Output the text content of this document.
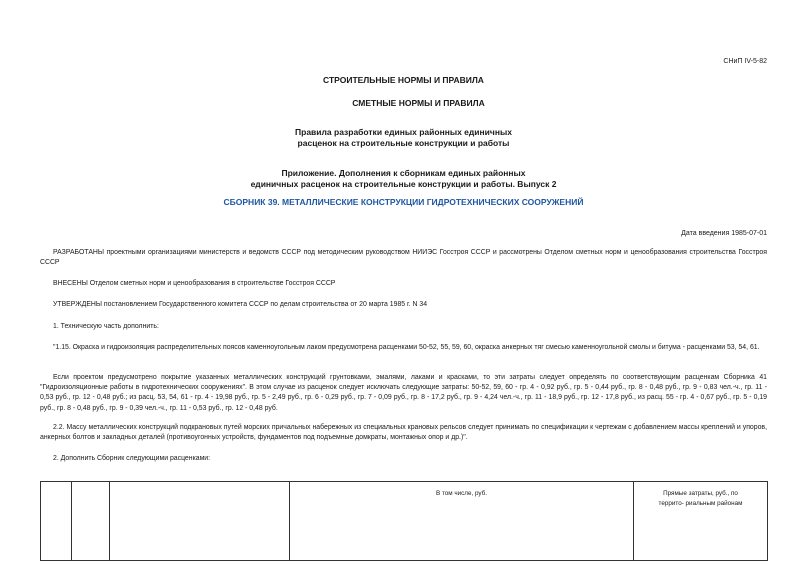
СНиП IV-5-82
СТРОИТЕЛЬНЫЕ НОРМЫ И ПРАВИЛА
СМЕТНЫЕ НОРМЫ И ПРАВИЛА
Правила разработки единых районных единичных
расценок на строительные конструкции и работы
Приложение. Дополнения к сборникам единых районных
единичных расценок на строительные конструкции и работы. Выпуск 2
СБОРНИК 39. МЕТАЛЛИЧЕСКИЕ КОНСТРУКЦИИ ГИДРОТЕХНИЧЕСКИХ СООРУЖЕНИЙ
Дата введения 1985-07-01
РАЗРАБОТАНЫ проектными организациями министерств и ведомств СССР под методическим руководством НИИЭС Госстроя СССР и рассмотрены Отделом сметных норм и ценообразования строительства Госстроя СССР
ВНЕСЕНЫ Отделом сметных норм и ценообразования в строительстве Госстроя СССР
УТВЕРЖДЕНЫ постановлением Государственного комитета СССР по делам строительства от 20 марта 1985 г. N 34
1. Техническую часть дополнить:
"1.15. Окраска и гидроизоляция распределительных поясов каменноугольным лаком предусмотрена расценками 50-52, 55, 59, 60, окраска анкерных тяг смесью каменноугольной смолы и битума - расценками 53, 54, 61.
Если проектом предусмотрено покрытие указанных металлических конструкций грунтовками, эмалями, лаками и красками, то эти затраты следует определять по соответствующим расценкам Сборника 41 "Гидроизоляционные работы в гидротехнических сооружениях". В этом случае из расценок следует исключать следующие затраты: 50-52, 59, 60 - гр. 4 - 0,92 руб., гр. 5 - 0,44 руб., гр. 8 - 0,48 руб., гр. 9 - 0,83 чел.-ч., гр. 11 - 0,53 руб., гр. 12 - 0,48 руб.; из расц. 53, 54, 61 - гр. 4 - 19,98 руб., гр. 5 - 2,49 руб., гр. 6 - 0,29 руб., гр. 7 - 0,09 руб., гр. 8 - 17,2 руб., гр. 9 - 4,24 чел.-ч., гр. 11 - 18,9 руб., гр. 12 - 17,8 руб., из расц. 55 - гр. 4 - 0,67 руб., гр. 5 - 0,19 руб., гр. 8 - 0,48 руб., гр. 9 - 0,39 чел.-ч., гр. 11 - 0,53 руб., гр. 12 - 0,48 руб.
2.2. Массу металлических конструкций подкрановых путей морских причальных набережных из специальных крановых рельсов следует принимать по спецификации к чертежам с добавлением массы креплений и упоров, анкерных болтов и закладных деталей (противоугонных устройств, фундаментов под подъемные домкраты, монтажных опор и др.)".
2. Дополнить Сборник следующими расценками:
			В том числе, руб.	Прямые затраты, руб., по
террито- риальным районам
